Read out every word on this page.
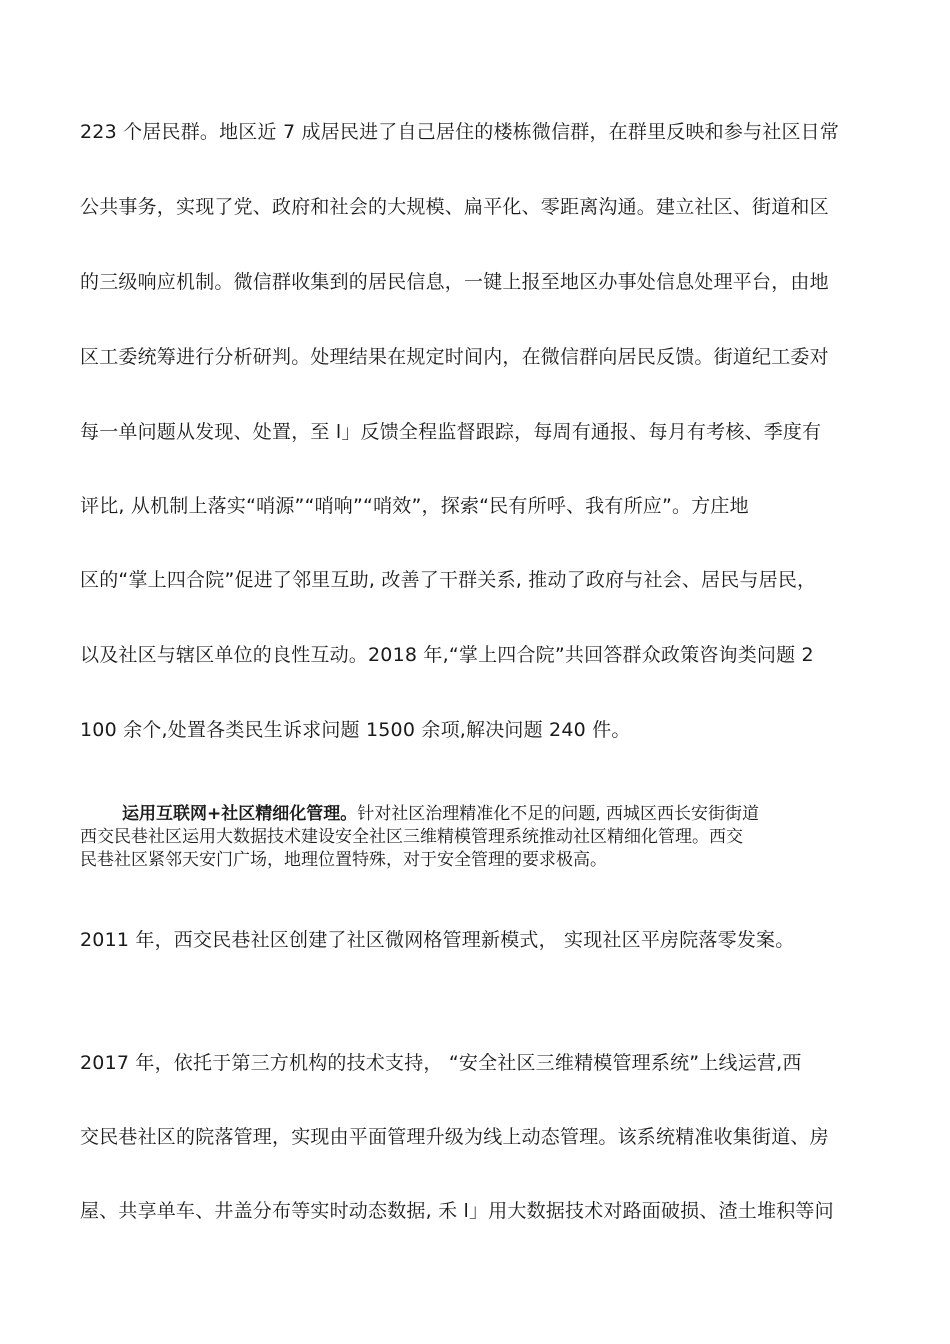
223 个居民群。地区近 7 成居民进了自己居住的楼栋微信群，在群里反映和参与社区日常
公共事务，实现了党、政府和社会的大规模、扁平化、零距离沟通。建立社区、街道和区
的三级响应机制。微信群收集到的居民信息，一键上报至地区办事处信息处理平台，由地
区工委统筹进行分析研判。处理结果在规定时间内，在微信群向居民反馈。街道纪工委对
每一单问题从发现、处置，至 l」反馈全程监督跟踪，每周有通报、每月有考核、季度有
评比, 从机制上落实“哨源”“哨响”“哨效”，探索“民有所呼、我有所应”。方庄地
区的“掌上四合院”促进了邻里互助, 改善了干群关系, 推动了政府与社会、居民与居民，
以及社区与辖区单位的良性互动。2018 年,“掌上四合院”共回答群众政策咨询类问题 2
100 余个,处置各类民生诉求问题 1500 余项,解决问题 240 件。
运用互联网+社区精细化管理。针对社区治理精准化不足的问题, 西城区西长安街街道
西交民巷社区运用大数据技术建设安全社区三维精模管理系统推动社区精细化管理。西交
民巷社区紧邻天安门广场，地理位置特殊，对于安全管理的要求极高。
2011 年，西交民巷社区创建了社区微网格管理新模式， 实现社区平房院落零发案。
2017 年，依托于第三方机构的技术支持， “安全社区三维精模管理系统”上线运营,西
交民巷社区的院落管理，实现由平面管理升级为线上动态管理。该系统精准收集街道、房
屋、共享单车、井盖分布等实时动态数据, 禾 l」用大数据技术对路面破损、渣土堆积等问
